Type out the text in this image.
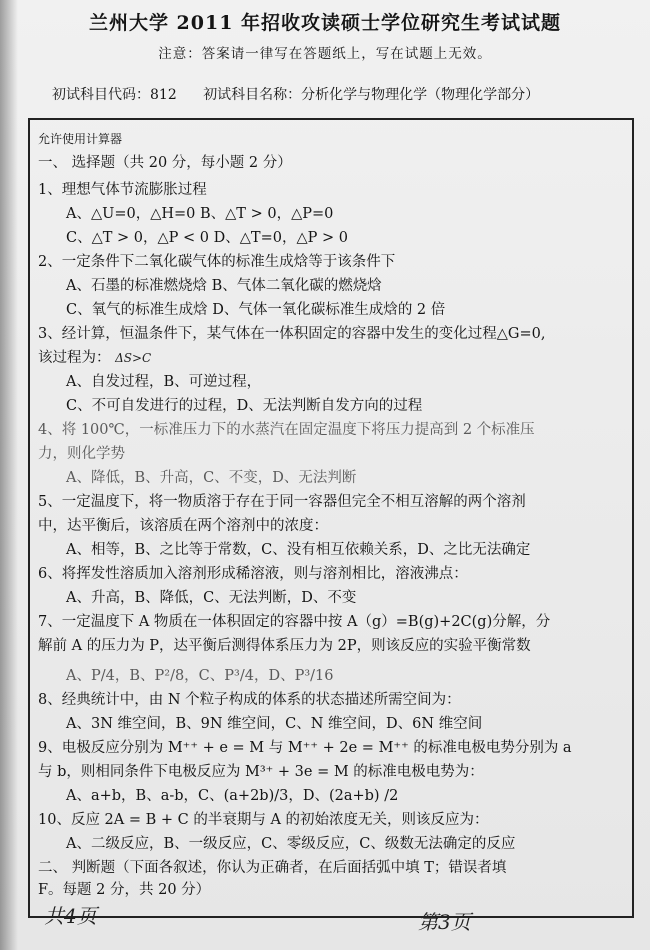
兰州大学 2011 年招收攻读硕士学位研究生考试试题
注意：答案请一律写在答题纸上，写在试题上无效。
初试科目代码：812 初试科目名称：分析化学与物理化学（物理化学部分）
允许使用计算器
一、 选择题（共 20 分，每小题 2 分）
1、理想气体节流膨胀过程
A、△U=0，△H=0 B、△T > 0，△P=0
C、△T > 0，△P < 0 D、△T=0，△P > 0
2、一定条件下二氧化碳气体的标准生成焓等于该条件下
A、石墨的标准燃烧焓 B、气体二氧化碳的燃烧焓
C、氧气的标准生成焓 D、气体一氧化碳标准生成焓的 2 倍
3、经计算，恒温条件下，某气体在一体积固定的容器中发生的变化过程△G=0,
该过程为： ΔS>C
A、自发过程，B、可逆过程，
C、不可自发进行的过程，D、无法判断自发方向的过程
4、将 100℃，一标准压力下的水蒸汽在固定温度下将压力提高到 2 个标准压
力，则化学势
A、降低，B、升高，C、不变，D、无法判断
5、一定温度下，将一物质溶于存在于同一容器但完全不相互溶解的两个溶剂
中，达平衡后，该溶质在两个溶剂中的浓度：
A、相等，B、之比等于常数，C、没有相互依赖关系，D、之比无法确定
6、将挥发性溶质加入溶剂形成稀溶液，则与溶剂相比，溶液沸点：
A、升高，B、降低，C、无法判断，D、不变
7、一定温度下 A 物质在一体积固定的容器中按 A（g）=B(g)+2C(g)分解，分
解前 A 的压力为 P，达平衡后测得体系压力为 2P，则该反应的实验平衡常数
A、P/4，B、P²/8，C、P³/4，D、P³/16
8、经典统计中，由 N 个粒子构成的体系的状态描述所需空间为：
A、3N 维空间，B、9N 维空间，C、N 维空间，D、6N 维空间
9、电极反应分别为 M⁺⁺ + e = M 与 M⁺⁺ + 2e = M⁺⁺ 的标准电极电势分别为 a
与 b，则相同条件下电极反应为 M³⁺ + 3e = M 的标准电极电势为：
A、a+b，B、a-b，C、(a+2b)/3，D、(2a+b) /2
10、反应 2A = B + C 的半衰期与 A 的初始浓度无关，则该反应为：
A、二级反应，B、一级反应，C、零级反应，C、级数无法确定的反应
二、 判断题（下面各叙述，你认为正确者，在后面括弧中填 T；错误者填
F。每题 2 分，共 20 分）
共4页	第3页
